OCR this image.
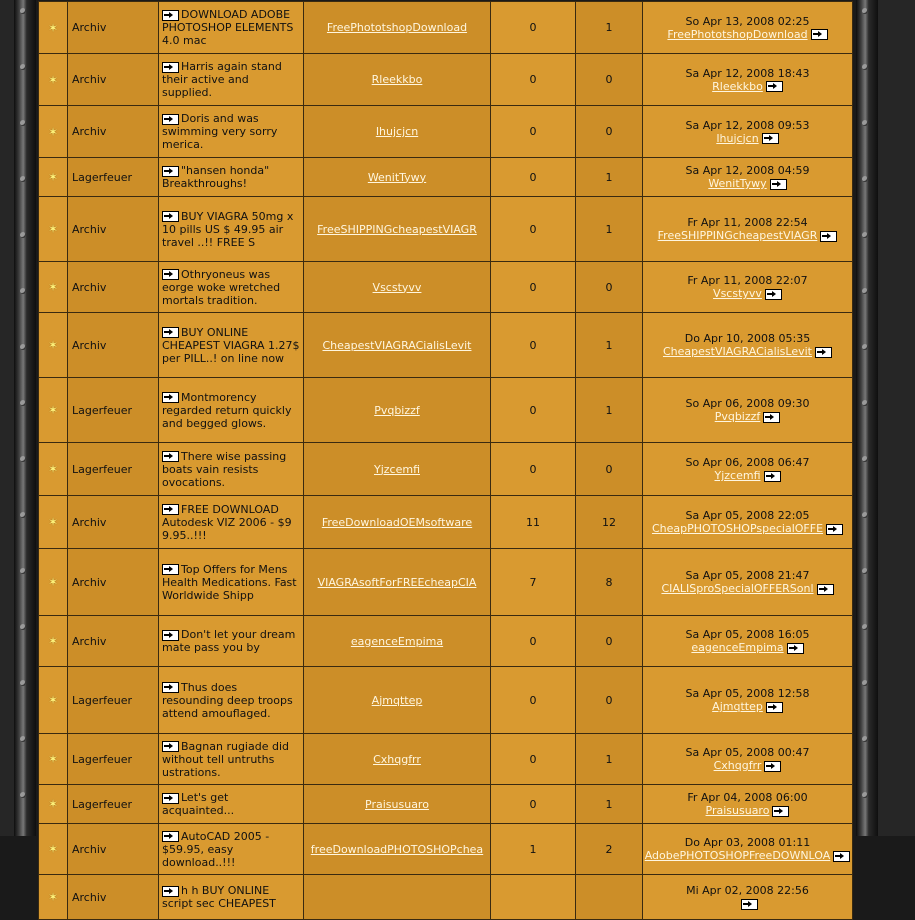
✶	Archiv	DOWNLOAD ADOBE PHOTOSHOP ELEMENTS 4.0 mac	FreePhototshopDownload	0	1	So Apr 13, 2008 02:25
FreePhototshopDownload

✶	Archiv	Harris again stand their active and supplied.	Rleekkbo	0	0	Sa Apr 12, 2008 18:43
Rleekkbo

✶	Archiv	Doris and was swimming very sorry merica.	Ihujcjcn	0	0	Sa Apr 12, 2008 09:53
Ihujcjcn

✶	Lagerfeuer	"hansen honda" Breakthroughs!	WenitTywy	0	1	Sa Apr 12, 2008 04:59
WenitTywy

✶	Archiv	BUY VIAGRA 50mg x 10 pills US $ 49.95 air travel ..!! FREE S	FreeSHIPPINGcheapestVIAGR	0	1	Fr Apr 11, 2008 22:54
FreeSHIPPINGcheapestVIAGR

✶	Archiv	Othryoneus was eorge woke wretched mortals tradition.	Vscstyvv	0	0	Fr Apr 11, 2008 22:07
Vscstyvv

✶	Archiv	BUY ONLINE CHEAPEST VIAGRA 1.27$ per PILL..! on line now	CheapestVIAGRACialisLevit	0	1	Do Apr 10, 2008 05:35
CheapestVIAGRACialisLevit

✶	Lagerfeuer	Montmorency regarded return quickly and begged glows.	Pvqbizzf	0	1	So Apr 06, 2008 09:30
Pvqbizzf

✶	Lagerfeuer	There wise passing boats vain resists ovocations.	Yjzcemfi	0	0	So Apr 06, 2008 06:47
Yjzcemfi

✶	Archiv	FREE DOWNLOAD Autodesk VIZ 2006 - $9 9.95..!!!	FreeDownloadOEMsoftware	11	12	Sa Apr 05, 2008 22:05
CheapPHOTOSHOPspecialOFFE

✶	Archiv	Top Offers for Mens Health Medications. Fast Worldwide Shipp	VIAGRAsoftForFREEcheapCIA	7	8	Sa Apr 05, 2008 21:47
CIALISproSpecialOFFERSonl

✶	Archiv	Don't let your dream mate pass you by	eagenceEmpima	0	0	Sa Apr 05, 2008 16:05
eagenceEmpima

✶	Lagerfeuer	Thus does resounding deep troops attend amouflaged.	Ajmqttep	0	0	Sa Apr 05, 2008 12:58
Ajmqttep

✶	Lagerfeuer	Bagnan rugiade did without tell untruths ustrations.	Cxhqgfrr	0	1	Sa Apr 05, 2008 00:47
Cxhqgfrr

✶	Lagerfeuer	Let's get acquainted...	Praisusuaro	0	1	Fr Apr 04, 2008 06:00
Praisusuaro

✶	Archiv	AutoCAD 2005 - $59.95, easy download..!!!	freeDownloadPHOTOSHOPchea	1	2	Do Apr 03, 2008 01:11
AdobePHOTOSHOPFreeDOWNLOA

✶	Archiv	h h BUY ONLINE script sec CHEAPEST				Mi Apr 02, 2008 22:56
